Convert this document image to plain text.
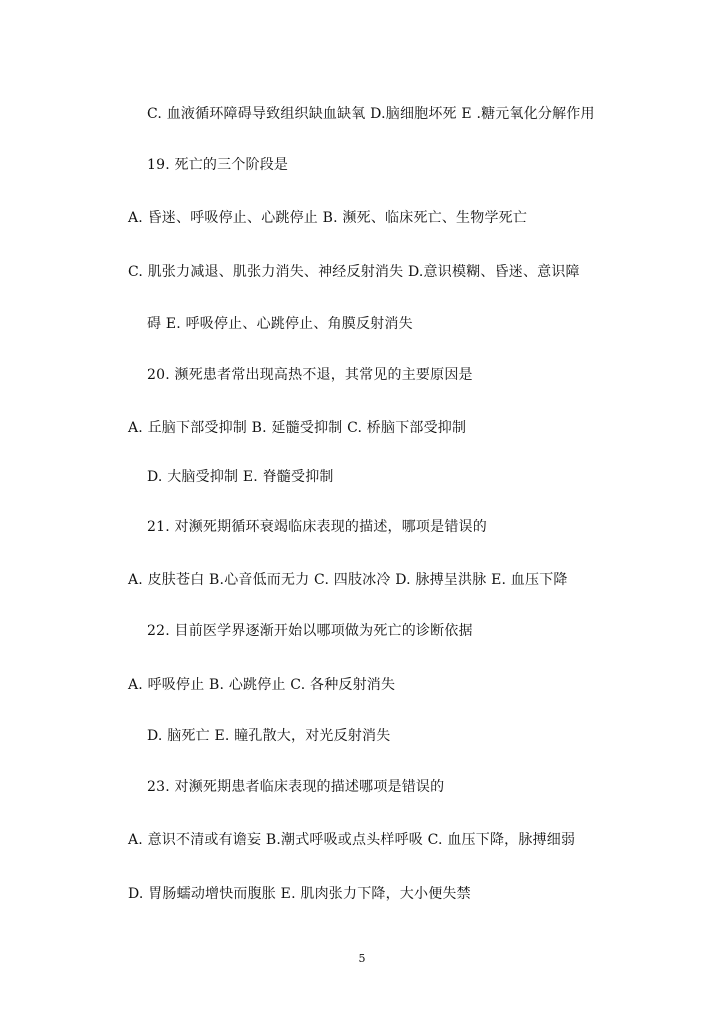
C. 血液循环障碍导致组织缺血缺氧 D.脑细胞坏死 E .糖元氧化分解作用
19. 死亡的三个阶段是
A. 昏迷、呼吸停止、心跳停止 B. 濒死、临床死亡、生物学死亡
C. 肌张力减退、肌张力消失、神经反射消失 D.意识模糊、昏迷、意识障
碍 E. 呼吸停止、心跳停止、角膜反射消失
20. 濒死患者常出现高热不退，其常见的主要原因是
A. 丘脑下部受抑制 B. 延髓受抑制 C. 桥脑下部受抑制
D. 大脑受抑制 E. 脊髓受抑制
21. 对濒死期循环衰竭临床表现的描述，哪项是错误的
A. 皮肤苍白 B.心音低而无力 C. 四肢冰冷 D. 脉搏呈洪脉 E. 血压下降
22. 目前医学界逐渐开始以哪项做为死亡的诊断依据
A. 呼吸停止 B. 心跳停止 C. 各种反射消失
D. 脑死亡 E. 瞳孔散大，对光反射消失
23. 对濒死期患者临床表现的描述哪项是错误的
A. 意识不清或有谵妄 B.潮式呼吸或点头样呼吸 C. 血压下降，脉搏细弱
D. 胃肠蠕动增快而腹胀 E. 肌肉张力下降，大小便失禁
5
